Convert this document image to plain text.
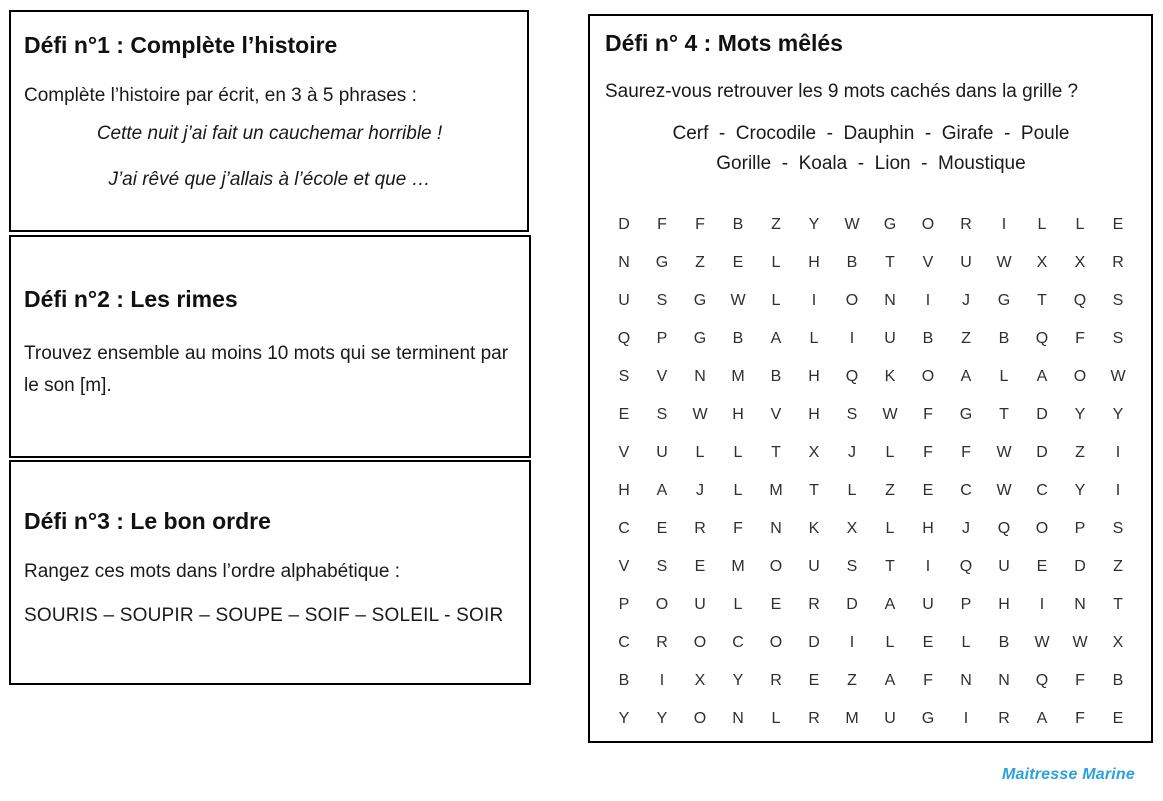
Défi n°1 : Complète l’histoire

Complète l’histoire par écrit, en 3 à 5 phrases :

Cette nuit j’ai fait un cauchemar horrible !

J’ai rêvé que j’allais à l’école et que …

Défi n°2 : Les rimes

Trouvez ensemble au moins 10 mots qui se terminent par le son [m].

Défi n°3 : Le bon ordre

Rangez ces mots dans l’ordre alphabétique :

SOURIS – SOUPIR – SOUPE – SOIF – SOLEIL - SOIR

Défi n° 4 : Mots mêlés

Saurez-vous retrouver les 9 mots cachés dans la grille ?

Cerf  -  Crocodile  -  Dauphin  -  Girafe  -  Poule

Gorille  -  Koala  -  Lion  -  Moustique

D	F	F	B	Z	Y	W	G	O	R	I	L	L	E
N	G	Z	E	L	H	B	T	V	U	W	X	X	R
U	S	G	W	L	I	O	N	I	J	G	T	Q	S
Q	P	G	B	A	L	I	U	B	Z	B	Q	F	S
S	V	N	M	B	H	Q	K	O	A	L	A	O	W
E	S	W	H	V	H	S	W	F	G	T	D	Y	Y
V	U	L	L	T	X	J	L	F	F	W	D	Z	I
H	A	J	L	M	T	L	Z	E	C	W	C	Y	I
C	E	R	F	N	K	X	L	H	J	Q	O	P	S
V	S	E	M	O	U	S	T	I	Q	U	E	D	Z
P	O	U	L	E	R	D	A	U	P	H	I	N	T
C	R	O	C	O	D	I	L	E	L	B	W	W	X
B	I	X	Y	R	E	Z	A	F	N	N	Q	F	B
Y	Y	O	N	L	R	M	U	G	I	R	A	F	E
Maitresse Marine
